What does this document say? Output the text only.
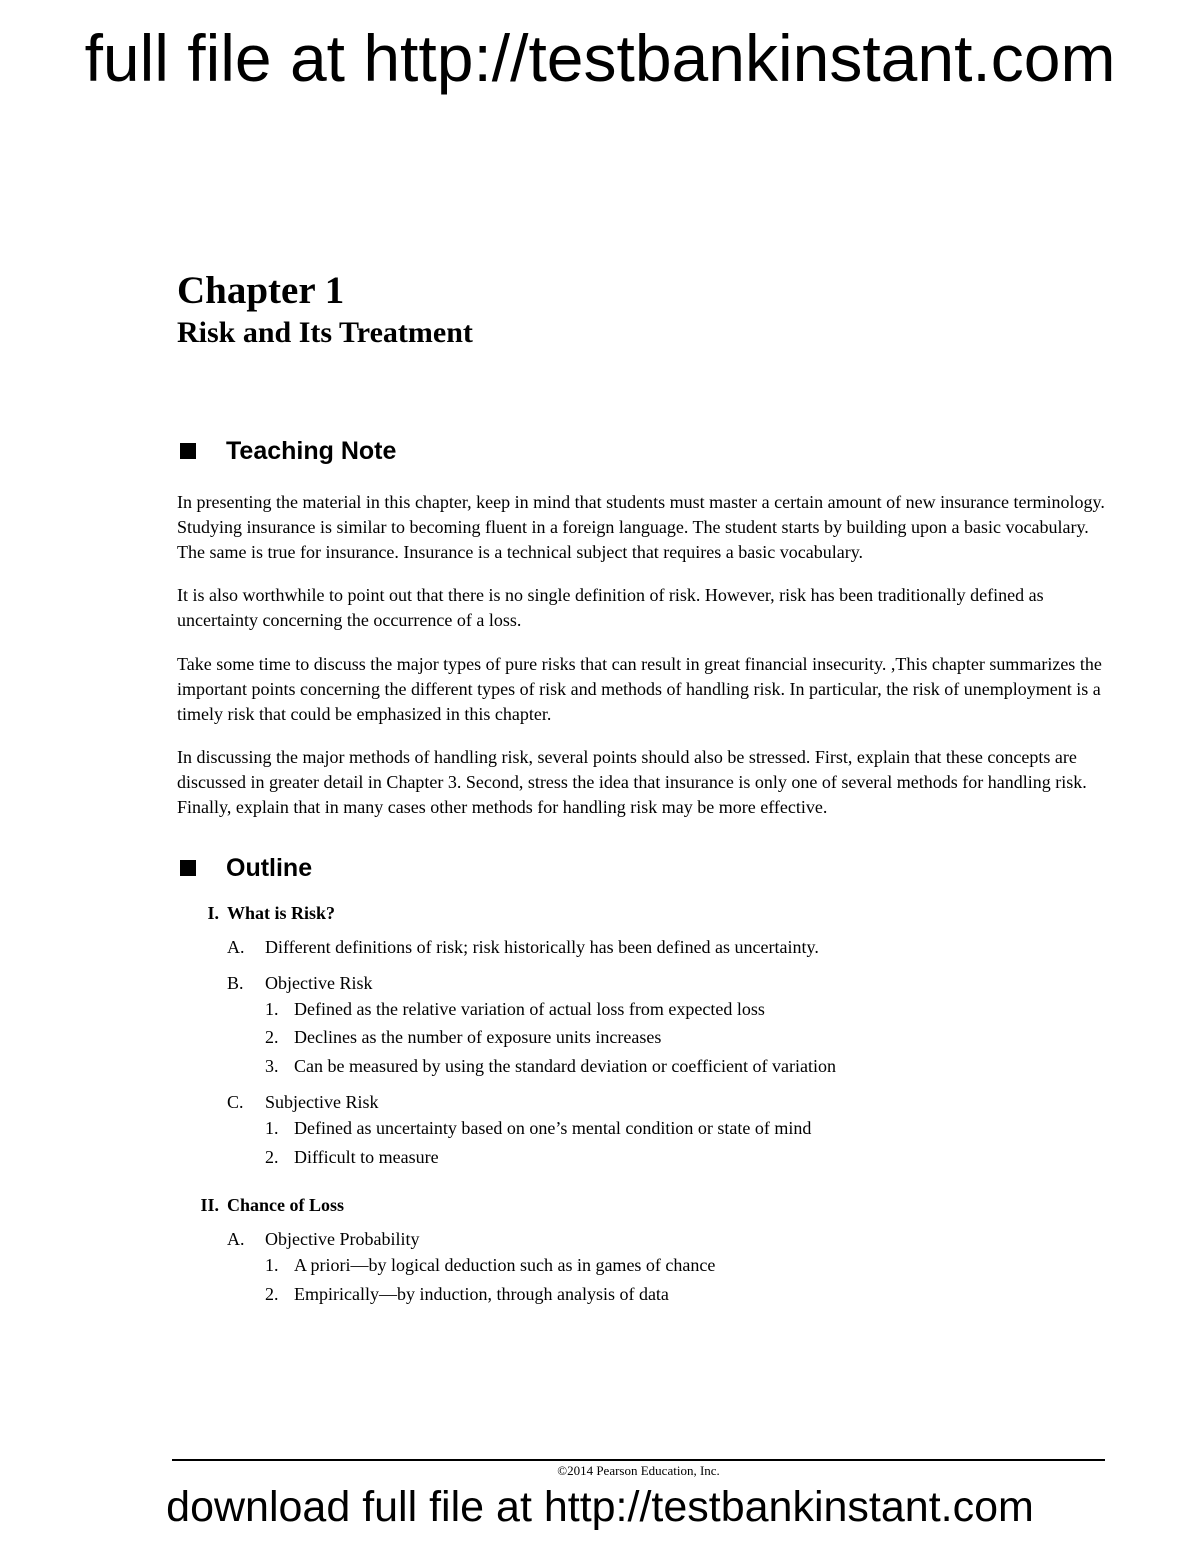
full file at http://testbankinstant.com
Chapter 1
Risk and Its Treatment
Teaching Note

In presenting the material in this chapter, keep in mind that students must master a certain amount of new insurance terminology. Studying insurance is similar to becoming fluent in a foreign language. The student starts by building upon a basic vocabulary. The same is true for insurance. Insurance is a technical subject that requires a basic vocabulary.

It is also worthwhile to point out that there is no single definition of risk. However, risk has been traditionally defined as uncertainty concerning the occurrence of a loss.

Take some time to discuss the major types of pure risks that can result in great financial insecurity. ,This chapter summarizes the important points concerning the different types of risk and methods of handling risk. In particular, the risk of unemployment is a timely risk that could be emphasized in this chapter.

In discussing the major methods of handling risk, several points should also be stressed. First, explain that these concepts are discussed in greater detail in Chapter 3. Second, stress the idea that insurance is only one of several methods for handling risk. Finally, explain that in many cases other methods for handling risk may be more effective.

Outline
I. What is Risk?
A.	Different definitions of risk; risk historically has been defined as uncertainty.
B.	Objective Risk
1. Defined as the relative variation of actual loss from expected loss
2. Declines as the number of exposure units increases
3. Can be measured by using the standard deviation or coefficient of variation
C.	Subjective Risk
1. Defined as uncertainty based on one’s mental condition or state of mind
2. Difficult to measure
II. Chance of Loss
A.	Objective Probability
1. A priori—by logical deduction such as in games of chance
2. Empirically—by induction, through analysis of data
©2014 Pearson Education, Inc.
download full file at http://testbankinstant.com
